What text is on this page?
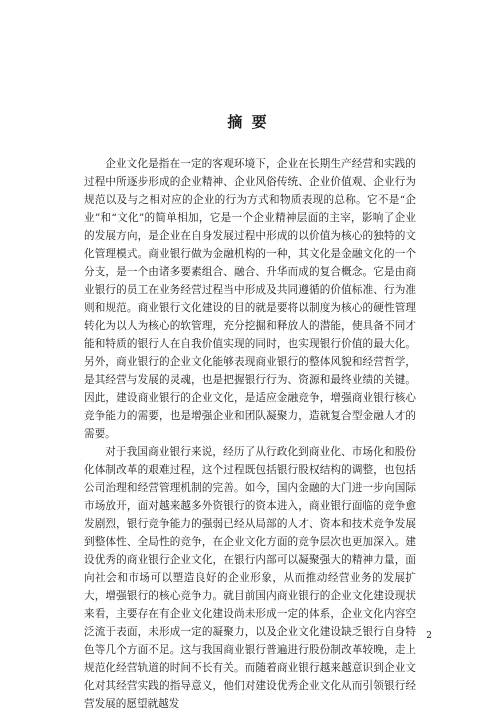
摘 要

企业文化是指在一定的客观环境下，企业在长期生产经营和实践的过程中所逐步形成的企业精神、企业风俗传统、企业价值观、企业行为规范以及与之相对应的企业的行为方式和物质表现的总称。它不是“企业”和“文化”的简单相加，它是一个企业精神层面的主宰，影响了企业的发展方向，是企业在自身发展过程中形成的以价值为核心的独特的文化管理模式。商业银行做为金融机构的一种，其文化是金融文化的一个分支，是一个由诸多要素组合、融合、升华而成的复合概念。它是由商业银行的员工在业务经营过程当中形成及共同遵循的价值标准、行为准则和规范。商业银行文化建设的目的就是要将以制度为核心的硬性管理转化为以人为核心的软管理，充分挖掘和释放人的潜能，使具备不同才能和特质的银行人在自我价值实现的同时，也实现银行价值的最大化。另外，商业银行的企业文化能够表现商业银行的整体风貌和经营哲学，是其经营与发展的灵魂，也是把握银行行为、资源和最终业绩的关键。因此，建设商业银行的企业文化，是适应金融竞争，增强商业银行核心竞争能力的需要，也是增强企业和团队凝聚力，造就复合型金融人才的需要。

对于我国商业银行来说，经历了从行政化到商业化、市场化和股份化体制改革的艰难过程，这个过程既包括银行股权结构的调整，也包括公司治理和经营管理机制的完善。如今，国内金融的大门进一步向国际市场放开，面对越来越多外资银行的资本进入，商业银行面临的竞争愈发剧烈，银行竞争能力的强弱已经从局部的人才、资本和技术竞争发展到整体性、全局性的竞争，在企业文化方面的竞争层次也更加深入。建设优秀的商业银行企业文化，在银行内部可以凝聚强大的精神力量，面向社会和市场可以塑造良好的企业形象，从而推动经营业务的发展扩大，增强银行的核心竞争力。就目前国内商业银行的企业文化建设现状来看，主要存在有企业文化建设尚未形成一定的体系，企业文化内容空泛流于表面，未形成一定的凝聚力，以及企业文化建设缺乏银行自身特色等几个方面不足。这与我国商业银行普遍进行股份制改革较晚，走上规范化经营轨道的时间不长有关。而随着商业银行越来越意识到企业文化对其经营实践的指导意义，他们对建设优秀企业文化从而引领银行经营发展的愿望就越发

2
